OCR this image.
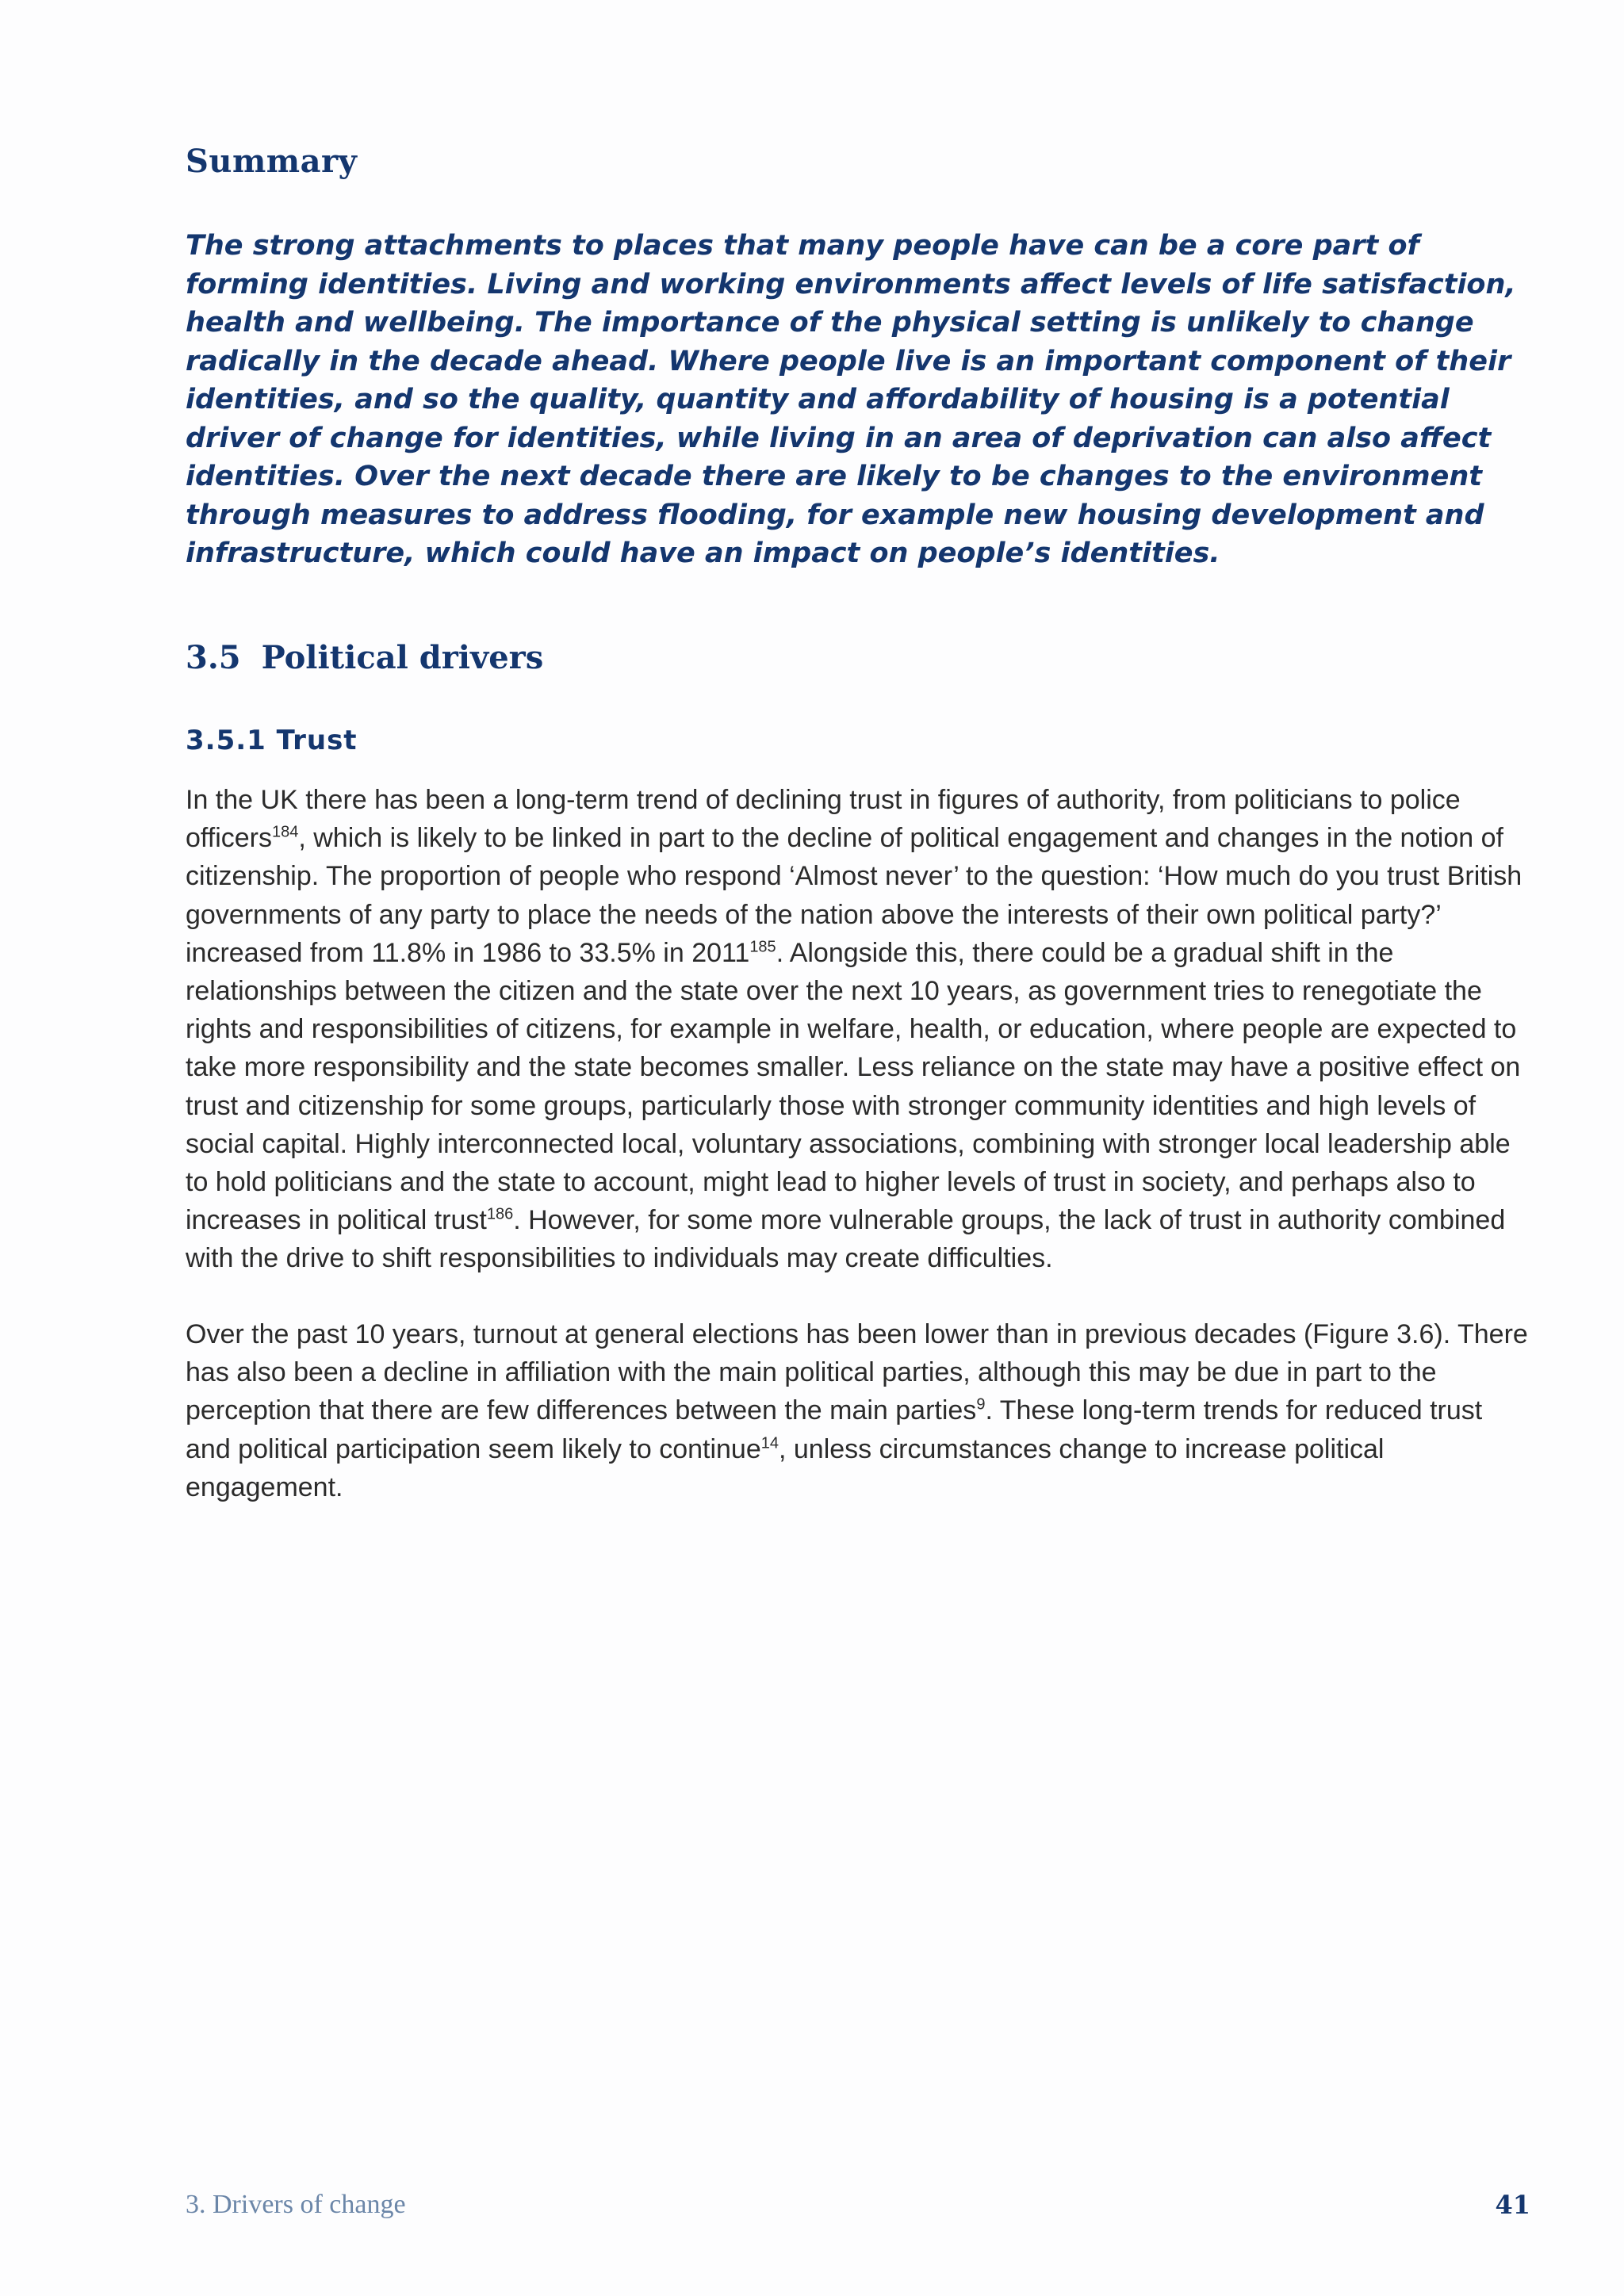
Summary

The strong attachments to places that many people have can be a core part of forming identities. Living and working environments affect levels of life satisfaction, health and wellbeing. The importance of the physical setting is unlikely to change radically in the decade ahead. Where people live is an important component of their identities, and so the quality, quantity and affordability of housing is a potential driver of change for identities, while living in an area of deprivation can also affect identities. Over the next decade there are likely to be changes to the environment through measures to address flooding, for example new housing development and infrastructure, which could have an impact on people’s identities.

3.5 Political drivers
3.5.1 Trust

In the UK there has been a long-term trend of declining trust in figures of authority, from politicians to police officers$^{184}$, which is likely to be linked in part to the decline of political engagement and changes in the notion of citizenship. The proportion of people who respond ‘Almost never’ to the question: ‘How much do you trust British governments of any party to place the needs of the nation above the interests of their own political party?’ increased from 11.8% in 1986 to 33.5% in 2011$^{185}$. Alongside this, there could be a gradual shift in the relationships between the citizen and the state over the next 10 years, as government tries to renegotiate the rights and responsibilities of citizens, for example in welfare, health, or education, where people are expected to take more responsibility and the state becomes smaller. Less reliance on the state may have a positive effect on trust and citizenship for some groups, particularly those with stronger community identities and high levels of social capital. Highly interconnected local, voluntary associations, combining with stronger local leadership able to hold politicians and the state to account, might lead to higher levels of trust in society, and perhaps also to increases in political trust$^{186}$. However, for some more vulnerable groups, the lack of trust in authority combined with the drive to shift responsibilities to individuals may create difficulties.

Over the past 10 years, turnout at general elections has been lower than in previous decades (Figure 3.6). There has also been a decline in affiliation with the main political parties, although this may be due in part to the perception that there are few differences between the main parties$^9$. These long-term trends for reduced trust and political participation seem likely to continue$^{14}$, unless circumstances change to increase political engagement.

3. Drivers of change	41
